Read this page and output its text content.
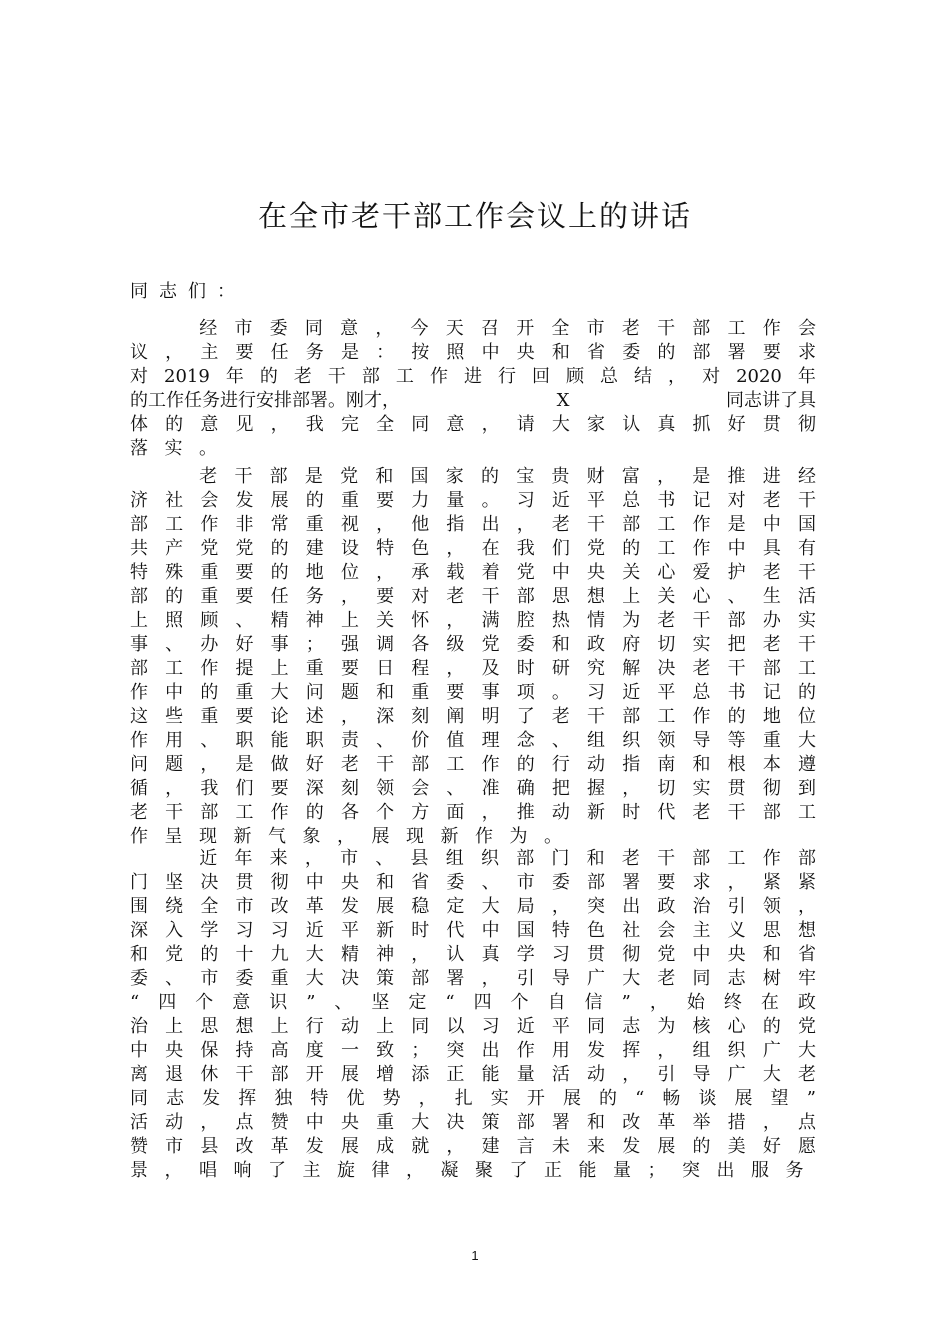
在全市老干部工作会议上的讲话
同志们：
经 市 委 同 意 ， 今 天 召 开 全 市 老 干 部 工 作 会
议 ， 主 要 任 务 是 ： 按 照 中 央 和 省 委 的 部 署 要 求
对 2019 年 的 老 干 部 工 作 进 行 回 顾 总 结 ， 对 2020 年
的工作任务进行安排部署。刚才，	X	同志讲了具
体 的 意 见 ， 我 完 全 同 意 ， 请 大 家 认 真 抓 好 贯 彻
落 实 。
老 干 部 是 党 和 国 家 的 宝 贵 财 富 ， 是 推 进 经
济 社 会 发 展 的 重 要 力 量 。 习 近 平 总 书 记 对 老 干
部 工 作 非 常 重 视 ， 他 指 出 ， 老 干 部 工 作 是 中 国
共 产 党 党 的 建 设 特 色 ， 在 我 们 党 的 工 作 中 具 有
特 殊 重 要 的 地 位 ， 承 载 着 党 中 央 关 心 爱 护 老 干
部 的 重 要 任 务 ， 要 对 老 干 部 思 想 上 关 心 、 生 活
上 照 顾 、 精 神 上 关 怀 ， 满 腔 热 情 为 老 干 部 办 实
事 、 办 好 事 ； 强 调 各 级 党 委 和 政 府 切 实 把 老 干
部 工 作 提 上 重 要 日 程 ， 及 时 研 究 解 决 老 干 部 工
作 中 的 重 大 问 题 和 重 要 事 项 。 习 近 平 总 书 记 的
这 些 重 要 论 述 ， 深 刻 阐 明 了 老 干 部 工 作 的 地 位
作 用 、 职 能 职 责 、 价 值 理 念 、 组 织 领 导 等 重 大
问 题 ， 是 做 好 老 干 部 工 作 的 行 动 指 南 和 根 本 遵
循 ， 我 们 要 深 刻 领 会 、 准 确 把 握 ， 切 实 贯 彻 到
老 干 部 工 作 的 各 个 方 面 ， 推 动 新 时 代 老 干 部 工
作 呈 现 新 气 象 ， 展 现 新 作 为 。
近 年 来 ， 市 、 县 组 织 部 门 和 老 干 部 工 作 部
门 坚 决 贯 彻 中 央 和 省 委 、 市 委 部 署 要 求 ， 紧 紧
围 绕 全 市 改 革 发 展 稳 定 大 局 ， 突 出 政 治 引 领 ，
深 入 学 习 习 近 平 新 时 代 中 国 特 色 社 会 主 义 思 想
和 党 的 十 九 大 精 神 ， 认 真 学 习 贯 彻 党 中 央 和 省
委 、 市 委 重 大 决 策 部 署 ， 引 导 广 大 老 同 志 树 牢
“ 四 个 意 识 ” 、 坚 定 “ 四 个 自 信 ” ， 始 终 在 政
治 上 思 想 上 行 动 上 同 以 习 近 平 同 志 为 核 心 的 党
中 央 保 持 高 度 一 致 ； 突 出 作 用 发 挥 ， 组 织 广 大
离 退 休 干 部 开 展 增 添 正 能 量 活 动 ， 引 导 广 大 老
同 志 发 挥 独 特 优 势 ， 扎 实 开 展 的 “ 畅 谈 展 望 ”
活 动 ， 点 赞 中 央 重 大 决 策 部 署 和 改 革 举 措 ， 点
赞 市 县 改 革 发 展 成 就 ， 建 言 未 来 发 展 的 美 好 愿
景 ， 唱 响 了 主 旋 律 ， 凝 聚 了 正 能 量 ； 突 出 服 务
1
